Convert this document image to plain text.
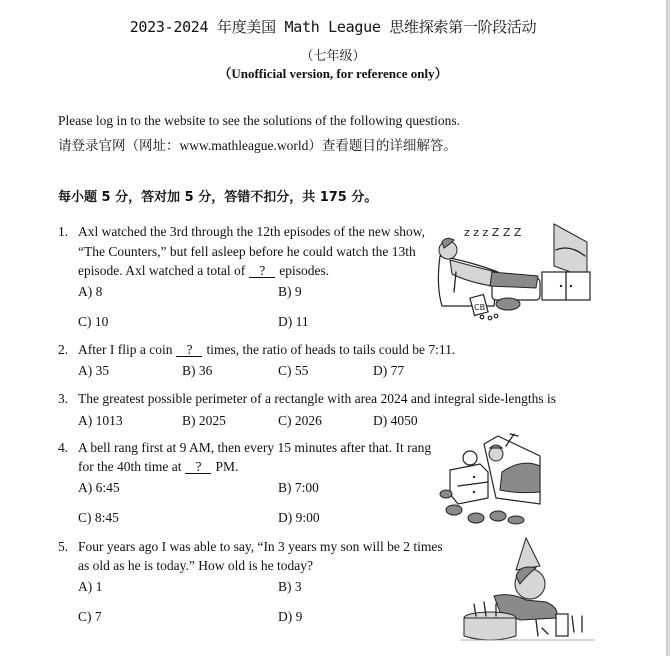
2023-2024 年度美国 Math League 思维探索第一阶段活动
（七年级）
（Unofficial version, for reference only）
Please log in to the website to see the solutions of the following questions.
请登录官网（网址：www.mathleague.world）查看题目的详细解答。
每小题 5 分，答对加 5 分，答错不扣分，共 175 分。
1. Axl watched the 3rd through the 12th episodes of the new show,
“The Counters,” but fell asleep before he could watch the 13th
episode. Axl watched a total of ? episodes.
A) 8	B) 9
C) 10	D) 11
z z z Z Z Z
CB
2. After I flip a coin ? times, the ratio of heads to tails could be 7:11.
A) 35	B) 36	C) 55	D) 77
3. The greatest possible perimeter of a rectangle with area 2024 and integral side-lengths is
A) 1013	B) 2025	C) 2026	D) 4050
4. A bell rang first at 9 AM, then every 15 minutes after that. It rang
for the 40th time at ? PM.
A) 6:45	B) 7:00
C) 8:45	D) 9:00
5. Four years ago I was able to say, “In 3 years my son will be 2 times
as old as he is today.” How old is he today?
A) 1	B) 3
C) 7	D) 9
